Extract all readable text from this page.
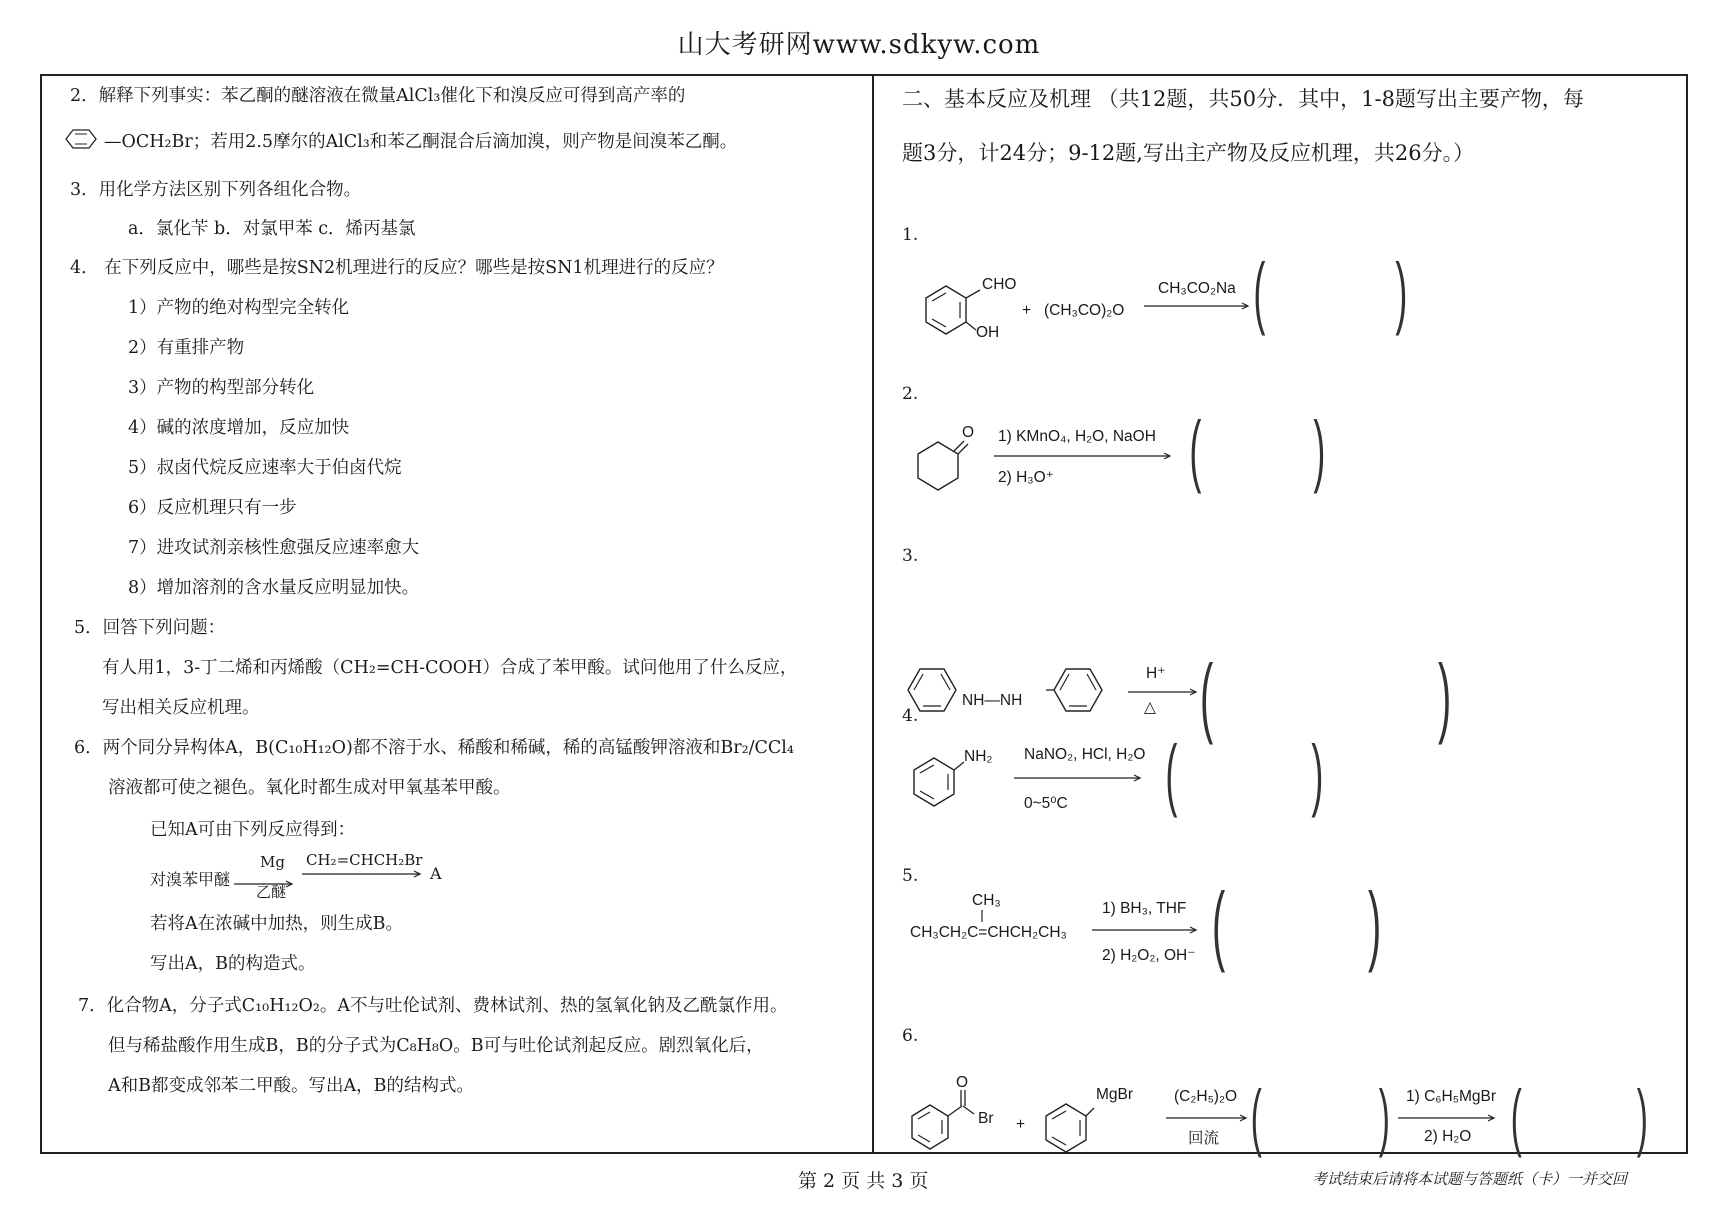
山大考研网www.sdkyw.com
2．解释下列事实：苯乙酮的醚溶液在微量AlCl₃催化下和溴反应可得到高产率的
—OCH₂Br；若用2.5摩尔的AlCl₃和苯乙酮混合后滴加溴，则产物是间溴苯乙酮。
3．用化学方法区别下列各组化合物。
a．氯化苄 b．对氯甲苯 c．烯丙基氯
4． 在下列反应中，哪些是按SN2机理进行的反应？哪些是按SN1机理进行的反应？
1）产物的绝对构型完全转化
2）有重排产物
3）产物的构型部分转化
4）碱的浓度增加，反应加快
5）叔卤代烷反应速率大于伯卤代烷
6）反应机理只有一步
7）进攻试剂亲核性愈强反应速率愈大
8）增加溶剂的含水量反应明显加快。
5．回答下列问题：
有人用1，3-丁二烯和丙烯酸（CH₂=CH-COOH）合成了苯甲酸。试问他用了什么反应，
写出相关反应机理。
6．两个同分异构体A，B(C₁₀H₁₂O)都不溶于水、稀酸和稀碱，稀的高锰酸钾溶液和Br₂/CCl₄
溶液都可使之褪色。氧化时都生成对甲氧基苯甲酸。
已知A可由下列反应得到：
对溴苯甲醚
Mg
乙醚
CH₂=CHCH₂Br
A
若将A在浓碱中加热，则生成B。
写出A，B的构造式。
7．化合物A，分子式C₁₀H₁₂O₂。A不与吐伦试剂、费林试剂、热的氢氧化钠及乙酰氯作用。
但与稀盐酸作用生成B，B的分子式为C₈H₈O。B可与吐伦试剂起反应。剧烈氧化后，
A和B都变成邻苯二甲酸。写出A，B的结构式。
二、基本反应及机理 （共12题，共50分．其中，1-8题写出主要产物，每
题3分，计24分；9-12题,写出主产物及反应机理，共26分。）
1.
CHO
OH
+ (CH₃CO)₂O
CH₃CO₂Na ( )
2.
O 1) KMnO₄, H₂O, NaOH
2) H₃O⁺ ( )
3.
NH—NH
H⁺
△ (	)
4.
NH₂ NaNO₂, HCl, H₂O
0~5⁰C ( )
5.
CH₃
CH₃CH₂C=CHCH₂CH₃
1) BH₃, THF
2) H₂O₂, OH⁻ ( )
6.
O
Br +
MgBr	(C₂H₅)₂O
回流 ( ) 1) C₆H₅MgBr
2) H₂O ( )
第 2 页 共 3 页	考试结束后请将本试题与答题纸（卡）一并交回
